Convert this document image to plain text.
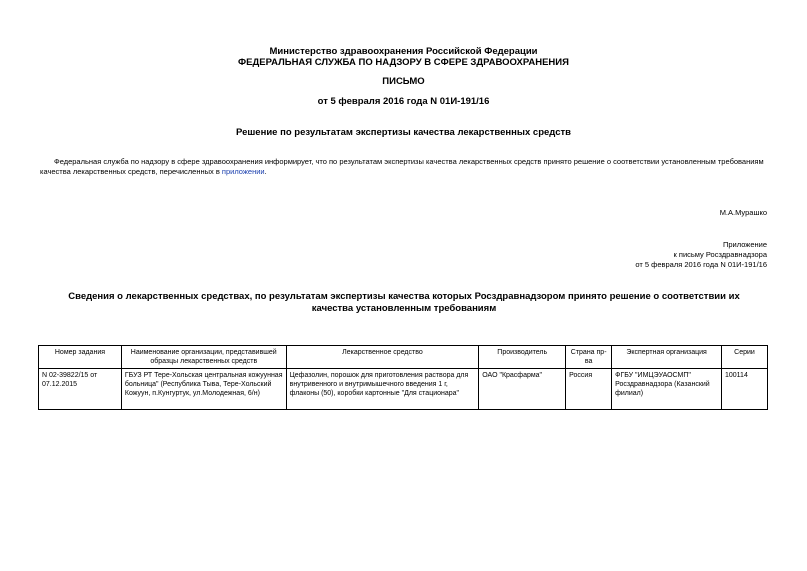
Министерство здравоохранения Российской Федерации
ФЕДЕРАЛЬНАЯ СЛУЖБА ПО НАДЗОРУ В СФЕРЕ ЗДРАВООХРАНЕНИЯ
ПИСЬМО
от 5 февраля 2016 года N 01И-191/16
Решение по результатам экспертизы качества лекарственных средств
Федеральная служба по надзору в сфере здравоохранения информирует, что по результатам экспертизы качества лекарственных средств принято решение о соответствии установленным требованиям качества лекарственных средств, перечисленных в приложении.
М.А.Мурашко
Приложение
к письму Росздравнадзора
от 5 февраля 2016 года N 01И-191/16
Сведения о лекарственных средствах, по результатам экспертизы качества которых Росздравнадзором принято решение о соответствии их качества установленным требованиям
Номер задания	Наименование организации, представившей образцы лекарственных средств	Лекарственное средство	Производитель	Страна пр-ва	Экспертная организация	Серии
N 02-39822/15 от 07.12.2015	ГБУЗ РТ Тере-Хольская центральная кожуунная больница" (Республика Тыва, Тере-Хольский Кожуун, п.Кунгуртук, ул.Молодежная, 6/н)	Цефазолин, порошок для приготовления раствора для внутривенного и внутримышечного введения 1 г, флаконы (50), коробки картонные "Для стационара"	ОАО "Красфарма"	Россия	ФГБУ "ИМЦЭУАОСМП" Росздравнадзора (Казанский филиал)	100114
